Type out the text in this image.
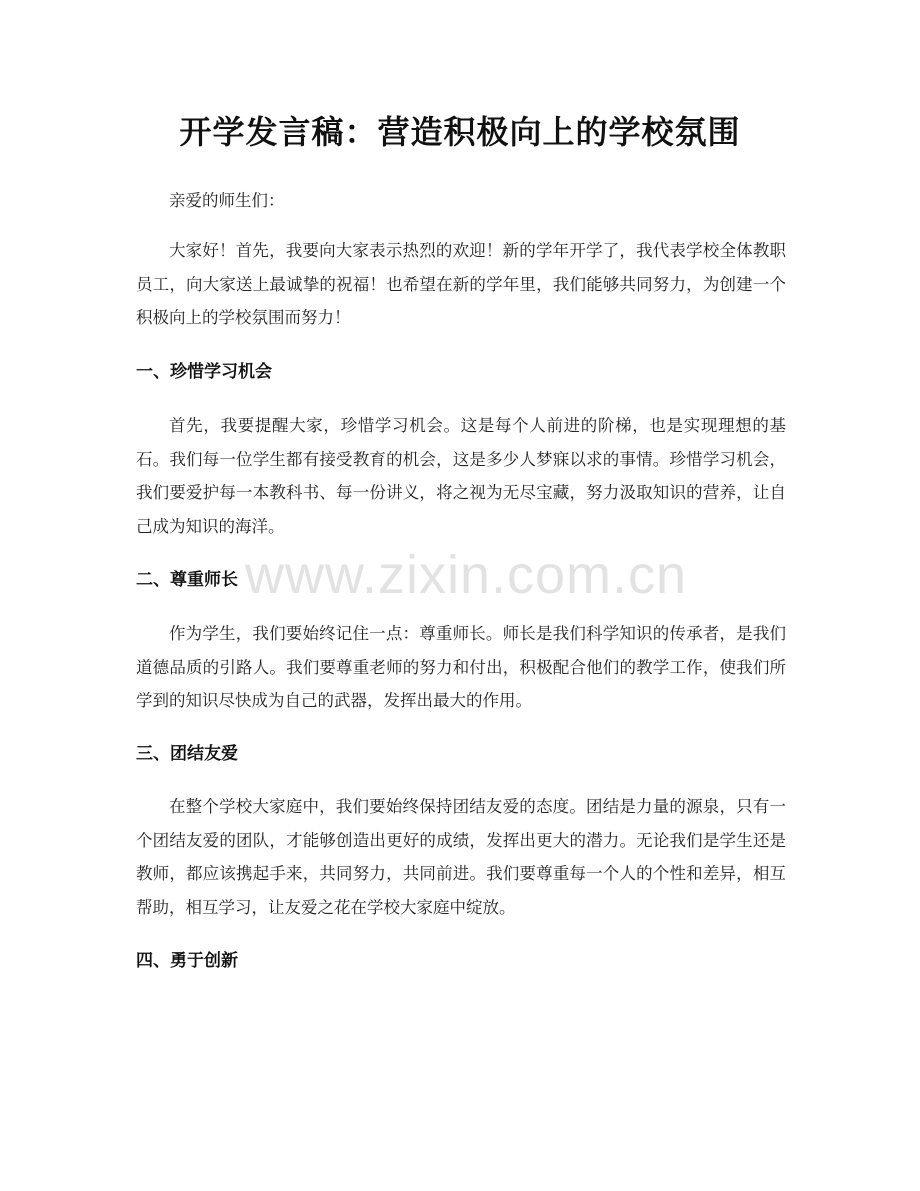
开学发言稿：营造积极向上的学校氛围
亲爱的师生们：
大家好！首先，我要向大家表示热烈的欢迎！新的学年开学了，我代表学校全体教职员工，向大家送上最诚挚的祝福！也希望在新的学年里，我们能够共同努力，为创建一个积极向上的学校氛围而努力！
一、珍惜学习机会
首先，我要提醒大家，珍惜学习机会。这是每个人前进的阶梯，也是实现理想的基石。我们每一位学生都有接受教育的机会，这是多少人梦寐以求的事情。珍惜学习机会，我们要爱护每一本教科书、每一份讲义，将之视为无尽宝藏，努力汲取知识的营养，让自己成为知识的海洋。
二、尊重师长
作为学生，我们要始终记住一点：尊重师长。师长是我们科学知识的传承者，是我们道德品质的引路人。我们要尊重老师的努力和付出，积极配合他们的教学工作，使我们所学到的知识尽快成为自己的武器，发挥出最大的作用。
三、团结友爱
在整个学校大家庭中，我们要始终保持团结友爱的态度。团结是力量的源泉，只有一个团结友爱的团队，才能够创造出更好的成绩，发挥出更大的潜力。无论我们是学生还是教师，都应该携起手来，共同努力，共同前进。我们要尊重每一个人的个性和差异，相互帮助，相互学习，让友爱之花在学校大家庭中绽放。
四、勇于创新
www.zixin.com.cn
